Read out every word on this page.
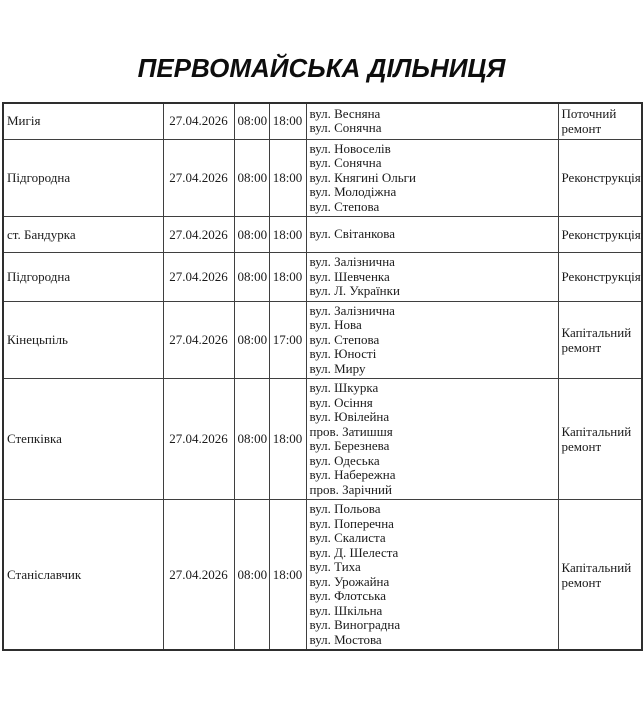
ПЕРВОМАЙСЬКА ДІЛЬНИЦЯ
Мигія	27.04.2026	08:00	18:00	вул. Весняна
вул. Сонячна	Поточний ремонт
Підгородна	27.04.2026	08:00	18:00	вул. Новоселів
вул. Сонячна
вул. Княгині Ольги
вул. Молодіжна
вул. Степова	Реконструкція
ст. Бандурка	27.04.2026	08:00	18:00	вул. Світанкова	Реконструкція
Підгородна	27.04.2026	08:00	18:00	вул. Залізнична
вул. Шевченка
вул. Л. Українки	Реконструкція
Кінецьпіль	27.04.2026	08:00	17:00	вул. Залізнична
вул. Нова
вул. Степова
вул. Юності
вул. Миру	Капітальний ремонт
Степківка	27.04.2026	08:00	18:00	
вул. Шкурка
вул. Осіння
вул. Ювілейна
пров. Затишшя
вул. Березнева
вул. Одеська
вул. Набережна
пров. Зарічний
	Капітальний ремонт
Станіславчик	27.04.2026	08:00	18:00	
вул. Польова
вул. Поперечна
вул. Скалиста
вул. Д. Шелеста
вул. Тиха
вул. Урожайна
вул. Флотська
вул. Шкільна
вул. Виноградна
вул. Мостова
	Капітальний ремонт
